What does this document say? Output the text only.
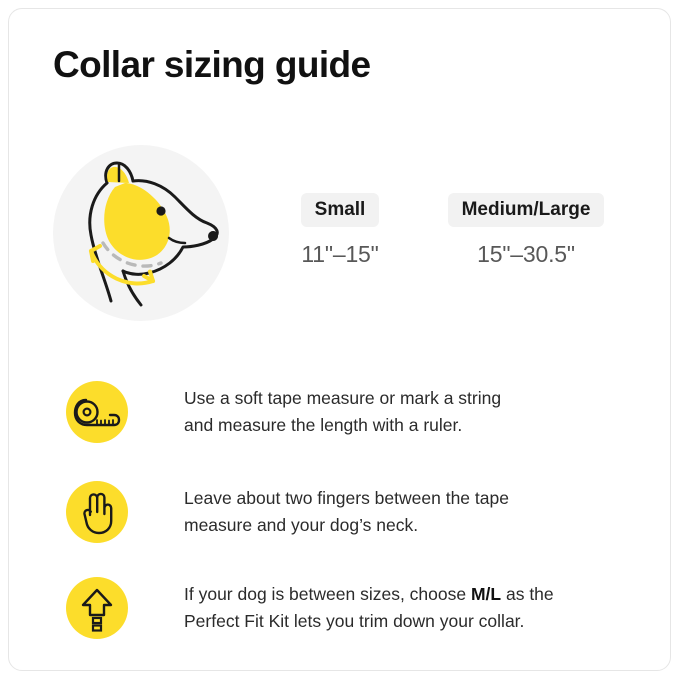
Collar sizing guide
Small
11"–15"
Medium/Large
15"–30.5"
Use a soft tape measure or mark a string
and measure the length with a ruler.
Leave about two fingers between the tape
measure and your dog’s neck.
If your dog is between sizes, choose M/L as the
Perfect Fit Kit lets you trim down your collar.
